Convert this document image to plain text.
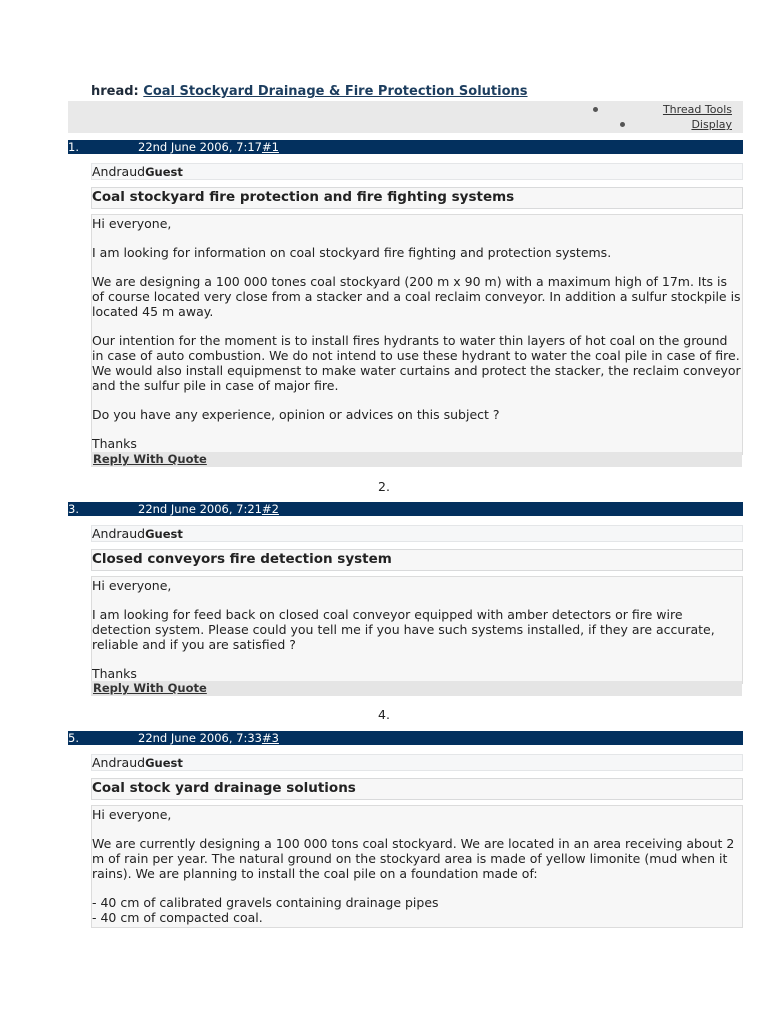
hread: Coal Stockyard Drainage & Fire Protection Solutions
Thread Tools
Display
1.	22nd June 2006, 7:17#1
AndraudGuest
Coal stockyard fire protection and fire fighting systems

Hi everyone,

I am looking for information on coal stockyard fire fighting and protection systems.

We are designing a 100 000 tones coal stockyard (200 m x 90 m) with a maximum high of 17m. Its is of course located very close from a stacker and a coal reclaim conveyor. In addition a sulfur stockpile is located 45 m away.

Our intention for the moment is to install fires hydrants to water thin layers of hot coal on the ground in case of auto combustion. We do not intend to use these hydrant to water the coal pile in case of fire. We would also install equipmenst to make water curtains and protect the stacker, the reclaim conveyor and the sulfur pile in case of major fire.

Do you have any experience, opinion or advices on this subject ?

Thanks

Reply With Quote
2.
3.	22nd June 2006, 7:21#2
AndraudGuest
Closed conveyors fire detection system

Hi everyone,

I am looking for feed back on closed coal conveyor equipped with amber detectors or fire wire detection system. Please could you tell me if you have such systems installed, if they are accurate, reliable and if you are satisfied ?

Thanks

Reply With Quote
4.
5.	22nd June 2006, 7:33#3
AndraudGuest
Coal stock yard drainage solutions

Hi everyone,

We are currently designing a 100 000 tons coal stockyard. We are located in an area receiving about 2 m of rain per year. The natural ground on the stockyard area is made of yellow limonite (mud when it rains). We are planning to install the coal pile on a foundation made of:

- 40 cm of calibrated gravels containing drainage pipes
- 40 cm of compacted coal.
